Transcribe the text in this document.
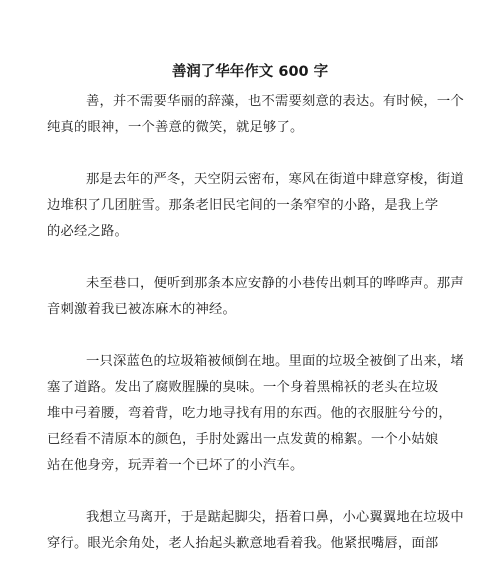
善润了华年作文 600 字
善，并不需要华丽的辞藻，也不需要刻意的表达。有时候，一个
纯真的眼神，一个善意的微笑，就足够了。
那是去年的严冬，天空阴云密布，寒风在街道中肆意穿梭，街道
边堆积了几团脏雪。那条老旧民宅间的一条窄窄的小路，是我上学
的必经之路。
未至巷口，便听到那条本应安静的小巷传出刺耳的哗哗声。那声
音刺激着我已被冻麻木的神经。
一只深蓝色的垃圾箱被倾倒在地。里面的垃圾全被倒了出来，堵
塞了道路。发出了腐败腥臊的臭味。一个身着黑棉袄的老头在垃圾
堆中弓着腰，弯着背，吃力地寻找有用的东西。他的衣服脏兮兮的，
已经看不清原本的颜色，手肘处露出一点发黄的棉絮。一个小姑娘
站在他身旁，玩弄着一个已坏了的小汽车。
我想立马离开，于是踮起脚尖，捂着口鼻，小心翼翼地在垃圾中
穿行。眼光余角处，老人抬起头歉意地看着我。他紧抿嘴唇，面部
